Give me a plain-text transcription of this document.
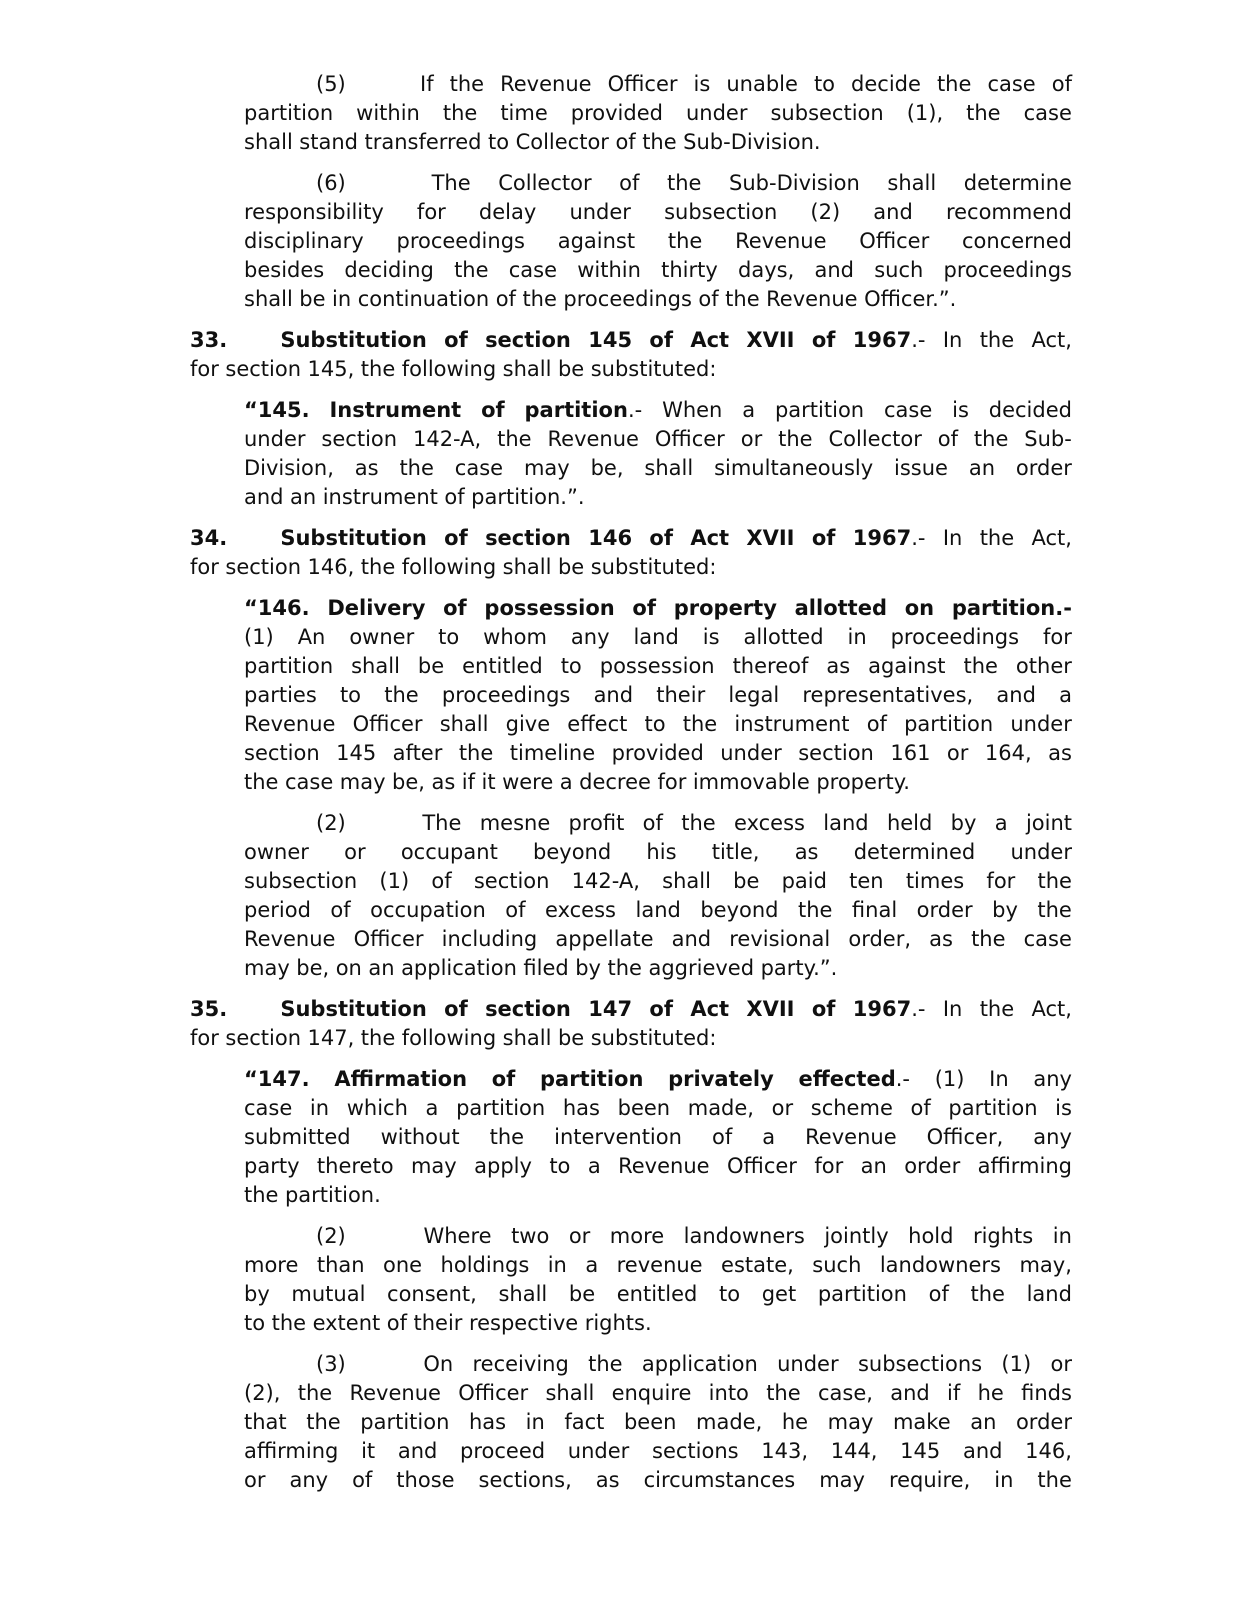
(5)	If the Revenue Officer is unable to decide the case of
partition within the time provided under subsection (1), the case
shall stand transferred to Collector of the Sub-Division.
(6)	The Collector of the Sub-Division shall determine
responsibility for delay under subsection (2) and recommend
disciplinary proceedings against the Revenue Officer concerned
besides deciding the case within thirty days, and such proceedings
shall be in continuation of the proceedings of the Revenue Officer.”.
33.	Substitution of section 145 of Act XVII of 1967.- In the Act,
for section 145, the following shall be substituted:
“145. Instrument of partition.- When a partition case is decided
under section 142-A, the Revenue Officer or the Collector of the Sub-
Division, as the case may be, shall simultaneously issue an order
and an instrument of partition.”.
34.	Substitution of section 146 of Act XVII of 1967.- In the Act,
for section 146, the following shall be substituted:
“146. Delivery of possession of property allotted on partition.-
(1) An owner to whom any land is allotted in proceedings for
partition shall be entitled to possession thereof as against the other
parties to the proceedings and their legal representatives, and a
Revenue Officer shall give effect to the instrument of partition under
section 145 after the timeline provided under section 161 or 164, as
the case may be, as if it were a decree for immovable property.
(2)	The mesne profit of the excess land held by a joint
owner or occupant beyond his title, as determined under
subsection (1) of section 142-A, shall be paid ten times for the
period of occupation of excess land beyond the final order by the
Revenue Officer including appellate and revisional order, as the case
may be, on an application filed by the aggrieved party.”.
35.	Substitution of section 147 of Act XVII of 1967.- In the Act,
for section 147, the following shall be substituted:
“147. Affirmation of partition privately effected.- (1) In any
case in which a partition has been made, or scheme of partition is
submitted without the intervention of a Revenue Officer, any
party thereto may apply to a Revenue Officer for an order affirming
the partition.
(2)	Where two or more landowners jointly hold rights in
more than one holdings in a revenue estate, such landowners may,
by mutual consent, shall be entitled to get partition of the land
to the extent of their respective rights.
(3)	On receiving the application under subsections (1) or
(2), the Revenue Officer shall enquire into the case, and if he finds
that the partition has in fact been made, he may make an order
affirming it and proceed under sections 143, 144, 145 and 146,
or any of those sections, as circumstances may require, in the
